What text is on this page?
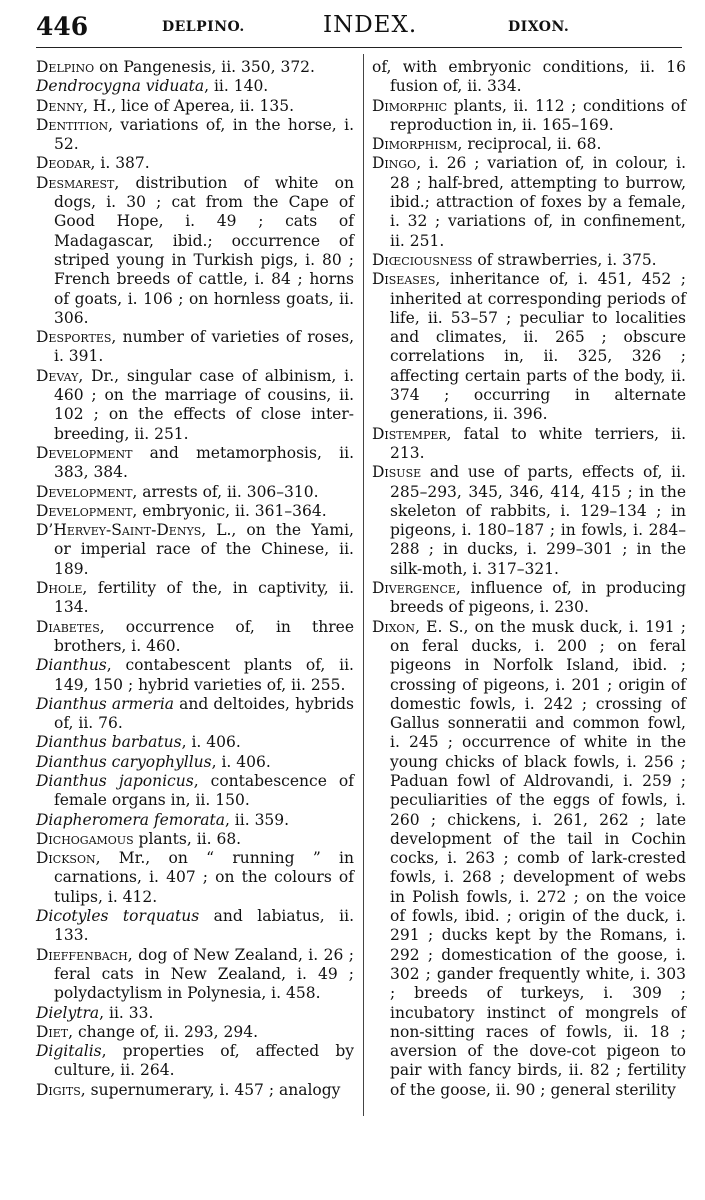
446	DELPINO.	INDEX.	DIXON.

Delpino on Pangenesis, ii. 350, 372.

Dendrocygna viduata, ii. 140.

Denny, H., lice of Aperea, ii. 135.

Dentition, variations of, in the horse, i. 52.

Deodar, i. 387.

Desmarest, distribution of white on dogs, i. 30 ; cat from the Cape of Good Hope, i. 49 ; cats of Madagascar, ibid.; occurrence of striped young in Turkish pigs, i. 80 ; French breeds of cattle, i. 84 ; horns of goats, i. 106 ; on hornless goats, ii. 306.

Desportes, number of varieties of roses, i. 391.

Devay, Dr., singular case of albinism, i. 460 ; on the marriage of cousins, ii. 102 ; on the effects of close inter-breeding, ii. 251.

Development and metamorphosis, ii. 383, 384.

Development, arrests of, ii. 306–310.

Development, embryonic, ii. 361–364.

D’Hervey-Saint-Denys, L., on the Yami, or imperial race of the Chinese, ii. 189.

Dhole, fertility of the, in captivity, ii. 134.

Diabetes, occurrence of, in three brothers, i. 460.

Dianthus, contabescent plants of, ii. 149, 150 ; hybrid varieties of, ii. 255.

Dianthus armeria and deltoides, hybrids of, ii. 76.

Dianthus barbatus, i. 406.

Dianthus caryophyllus, i. 406.

Dianthus japonicus, contabescence of female organs in, ii. 150.

Diapheromera femorata, ii. 359.

Dichogamous plants, ii. 68.

Dickson, Mr., on “ running ” in carnations, i. 407 ; on the colours of tulips, i. 412.

Dicotyles torquatus and labiatus, ii. 133.

Dieffenbach, dog of New Zealand, i. 26 ; feral cats in New Zealand, i. 49 ; polydactylism in Polynesia, i. 458.

Dielytra, ii. 33.

Diet, change of, ii. 293, 294.

Digitalis, properties of, affected by culture, ii. 264.

Digits, supernumerary, i. 457 ; analogy

of, with embryonic conditions, ii. 16 fusion of, ii. 334.

Dimorphic plants, ii. 112 ; conditions of reproduction in, ii. 165–169.

Dimorphism, reciprocal, ii. 68.

Dingo, i. 26 ; variation of, in colour, i. 28 ; half-bred, attempting to burrow, ibid.; attraction of foxes by a female, i. 32 ; variations of, in confinement, ii. 251.

Diœciousness of strawberries, i. 375.

Diseases, inheritance of, i. 451, 452 ; inherited at corresponding periods of life, ii. 53–57 ; peculiar to localities and climates, ii. 265 ; obscure correlations in, ii. 325, 326 ; affecting certain parts of the body, ii. 374 ; occurring in alternate generations, ii. 396.

Distemper, fatal to white terriers, ii. 213.

Disuse and use of parts, effects of, ii. 285–293, 345, 346, 414, 415 ; in the skeleton of rabbits, i. 129–134 ; in pigeons, i. 180–187 ; in fowls, i. 284–288 ; in ducks, i. 299–301 ; in the silk-moth, i. 317–321.

Divergence, influence of, in producing breeds of pigeons, i. 230.

Dixon, E. S., on the musk duck, i. 191 ; on feral ducks, i. 200 ; on feral pigeons in Norfolk Island, ibid. ; crossing of pigeons, i. 201 ; origin of domestic fowls, i. 242 ; crossing of Gallus sonneratii and common fowl, i. 245 ; occurrence of white in the young chicks of black fowls, i. 256 ; Paduan fowl of Aldrovandi, i. 259 ; peculiarities of the eggs of fowls, i. 260 ; chickens, i. 261, 262 ; late development of the tail in Cochin cocks, i. 263 ; comb of lark-crested fowls, i. 268 ; development of webs in Polish fowls, i. 272 ; on the voice of fowls, ibid. ; origin of the duck, i. 291 ; ducks kept by the Romans, i. 292 ; domestication of the goose, i. 302 ; gander frequently white, i. 303 ; breeds of turkeys, i. 309 ; incubatory instinct of mongrels of non-sitting races of fowls, ii. 18 ; aversion of the dove-cot pigeon to pair with fancy birds, ii. 82 ; fertility of the goose, ii. 90 ; general sterility
